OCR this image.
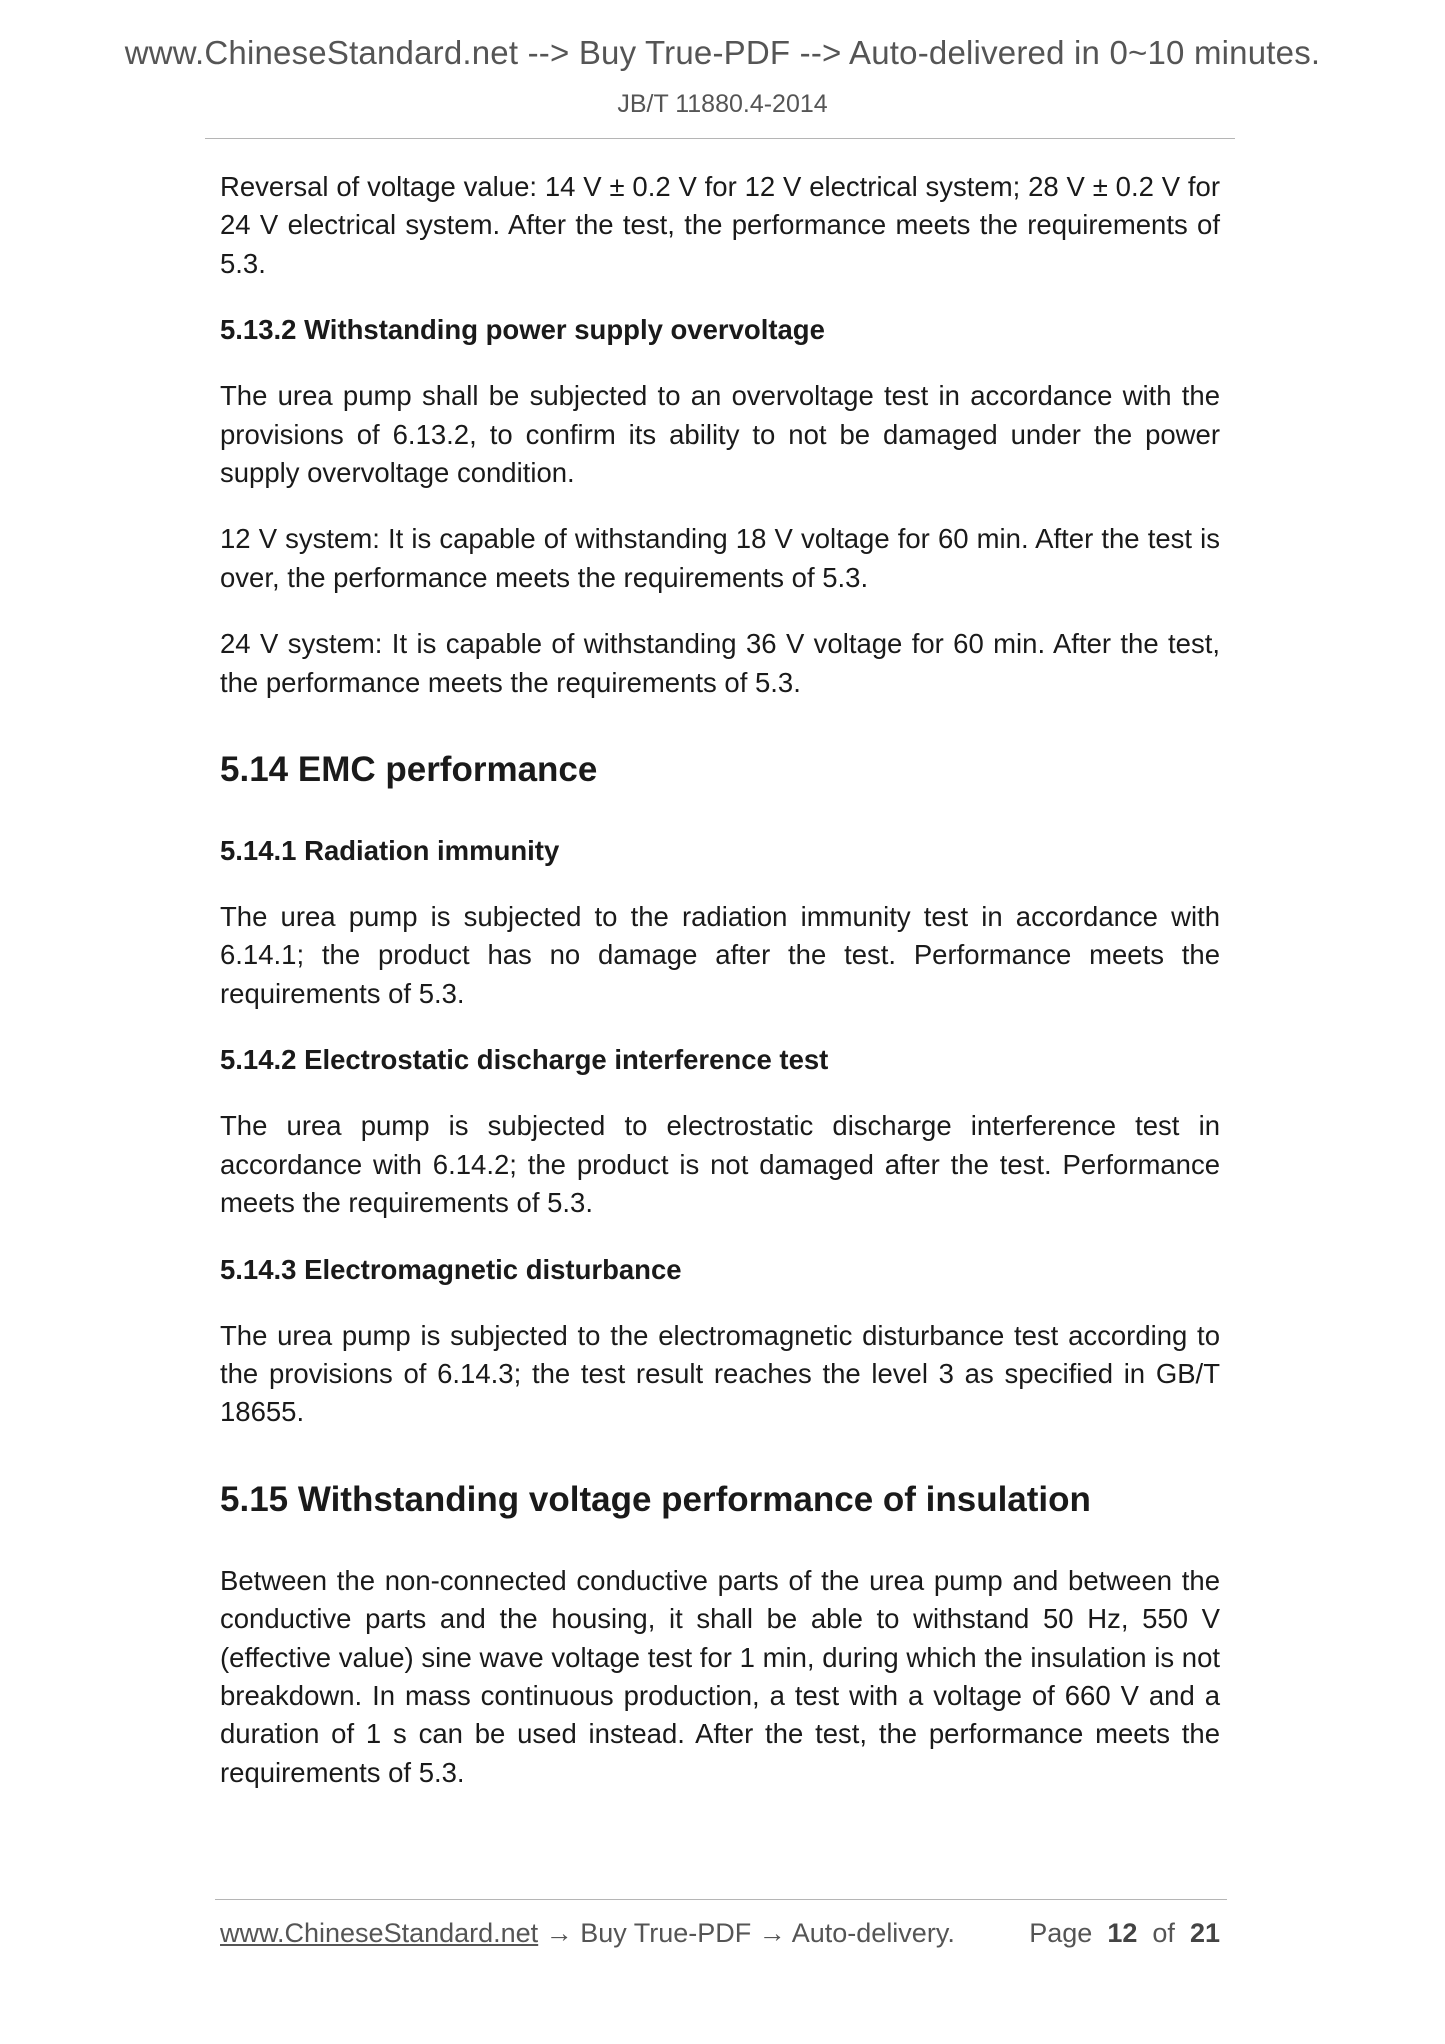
www.ChineseStandard.net --> Buy True-PDF --> Auto-delivered in 0~10 minutes.
JB/T 11880.4-2014

Reversal of voltage value: 14 V ± 0.2 V for 12 V electrical system; 28 V ± 0.2 V for 24 V electrical system. After the test, the performance meets the requirements of 5.3.

5.13.2 Withstanding power supply overvoltage

The urea pump shall be subjected to an overvoltage test in accordance with the provisions of 6.13.2, to confirm its ability to not be damaged under the power supply overvoltage condition.

12 V system: It is capable of withstanding 18 V voltage for 60 min. After the test is over, the performance meets the requirements of 5.3.

24 V system: It is capable of withstanding 36 V voltage for 60 min. After the test, the performance meets the requirements of 5.3.

5.14 EMC performance
5.14.1 Radiation immunity

The urea pump is subjected to the radiation immunity test in accordance with 6.14.1; the product has no damage after the test. Performance meets the requirements of 5.3.

5.14.2 Electrostatic discharge interference test

The urea pump is subjected to electrostatic discharge interference test in accordance with 6.14.2; the product is not damaged after the test. Performance meets the requirements of 5.3.

5.14.3 Electromagnetic disturbance

The urea pump is subjected to the electromagnetic disturbance test according to the provisions of 6.14.3; the test result reaches the level 3 as specified in GB/T 18655.

5.15 Withstanding voltage performance of insulation

Between the non-connected conductive parts of the urea pump and between the conductive parts and the housing, it shall be able to withstand 50 Hz, 550 V (effective value) sine wave voltage test for 1 min, during which the insulation is not breakdown. In mass continuous production, a test with a voltage of 660 V and a duration of 1 s can be used instead. After the test, the performance meets the requirements of 5.3.

www.ChineseStandard.net → Buy True-PDF → Auto-delivery.	Page 12 of 21
